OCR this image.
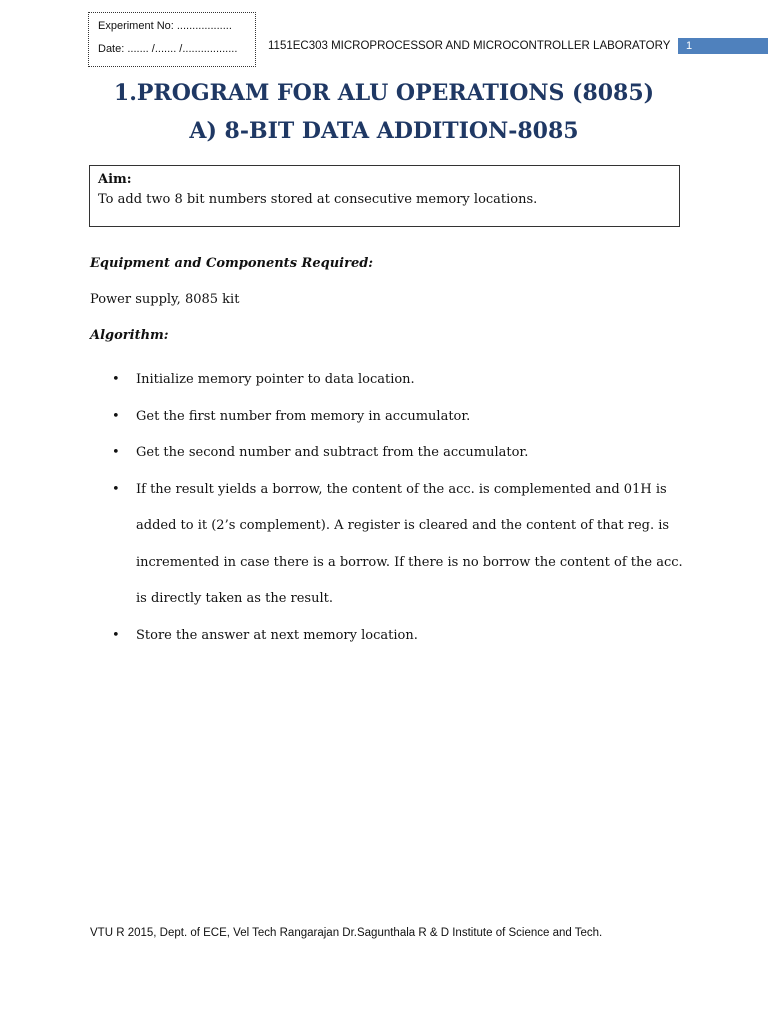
Experiment No: ..................
Date: ....... /....... /..................	1151EC303 MICROPROCESSOR AND MICROCONTROLLER LABORATORY	1
1.PROGRAM FOR ALU OPERATIONS (8085)
A) 8-BIT DATA ADDITION-8085
Aim:
To add two 8 bit numbers stored at consecutive memory locations.
Equipment and Components Required:
Power supply, 8085 kit
Algorithm:
• Initialize memory pointer to data location.
• Get the first number from memory in accumulator.
• Get the second number and subtract from the accumulator.
• If the result yields a borrow, the content of the acc. is complemented and 01H is added to it (2’s complement). A register is cleared and the content of that reg. is incremented in case there is a borrow. If there is no borrow the content of the acc. is directly taken as the result.
• Store the answer at next memory location.
VTU R 2015, Dept. of ECE, Vel Tech Rangarajan Dr.Sagunthala R & D Institute of Science and Tech.
